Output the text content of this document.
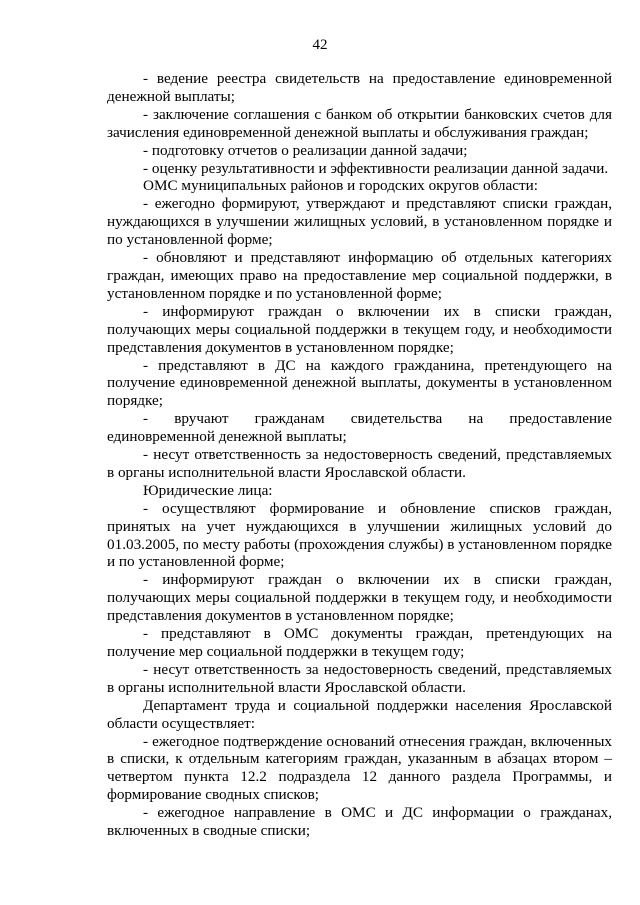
42

- ведение реестра свидетельств на предоставление единовременной денежной выплаты;

- заключение соглашения с банком об открытии банковских счетов для зачисления единовременной денежной выплаты и обслуживания граждан;

- подготовку отчетов о реализации данной задачи;

- оценку результативности и эффективности реализации данной задачи.

ОМС муниципальных районов и городских округов области:

- ежегодно формируют, утверждают и представляют списки граждан, нуждающихся в улучшении жилищных условий, в установленном порядке и по установленной форме;

- обновляют и представляют информацию об отдельных категориях граждан, имеющих право на предоставление мер социальной поддержки, в установленном порядке и по установленной форме;

- информируют граждан о включении их в списки граждан, получающих меры социальной поддержки в текущем году, и необходимости представления документов в установленном порядке;

- представляют в ДС на каждого гражданина, претендующего на получение единовременной денежной выплаты, документы в установленном порядке;

- вручают гражданам свидетельства на предоставление единовременной денежной выплаты;

- несут ответственность за недостоверность сведений, представляемых в органы исполнительной власти Ярославской области.

Юридические лица:

- осуществляют формирование и обновление списков граждан, принятых на учет нуждающихся в улучшении жилищных условий до 01.03.2005, по месту работы (прохождения службы) в установленном порядке и по установленной форме;

- информируют граждан о включении их в списки граждан, получающих меры социальной поддержки в текущем году, и необходимости представления документов в установленном порядке;

- представляют в ОМС документы граждан, претендующих на получение мер социальной поддержки в текущем году;

- несут ответственность за недостоверность сведений, представляемых в органы исполнительной власти Ярославской области.

Департамент труда и социальной поддержки населения Ярославской области осуществляет:

- ежегодное подтверждение оснований отнесения граждан, включенных в списки, к отдельным категориям граждан, указанным в абзацах втором – четвертом пункта 12.2 подраздела 12 данного раздела Программы, и формирование сводных списков;

- ежегодное направление в ОМС и ДС информации о гражданах, включенных в сводные списки;
